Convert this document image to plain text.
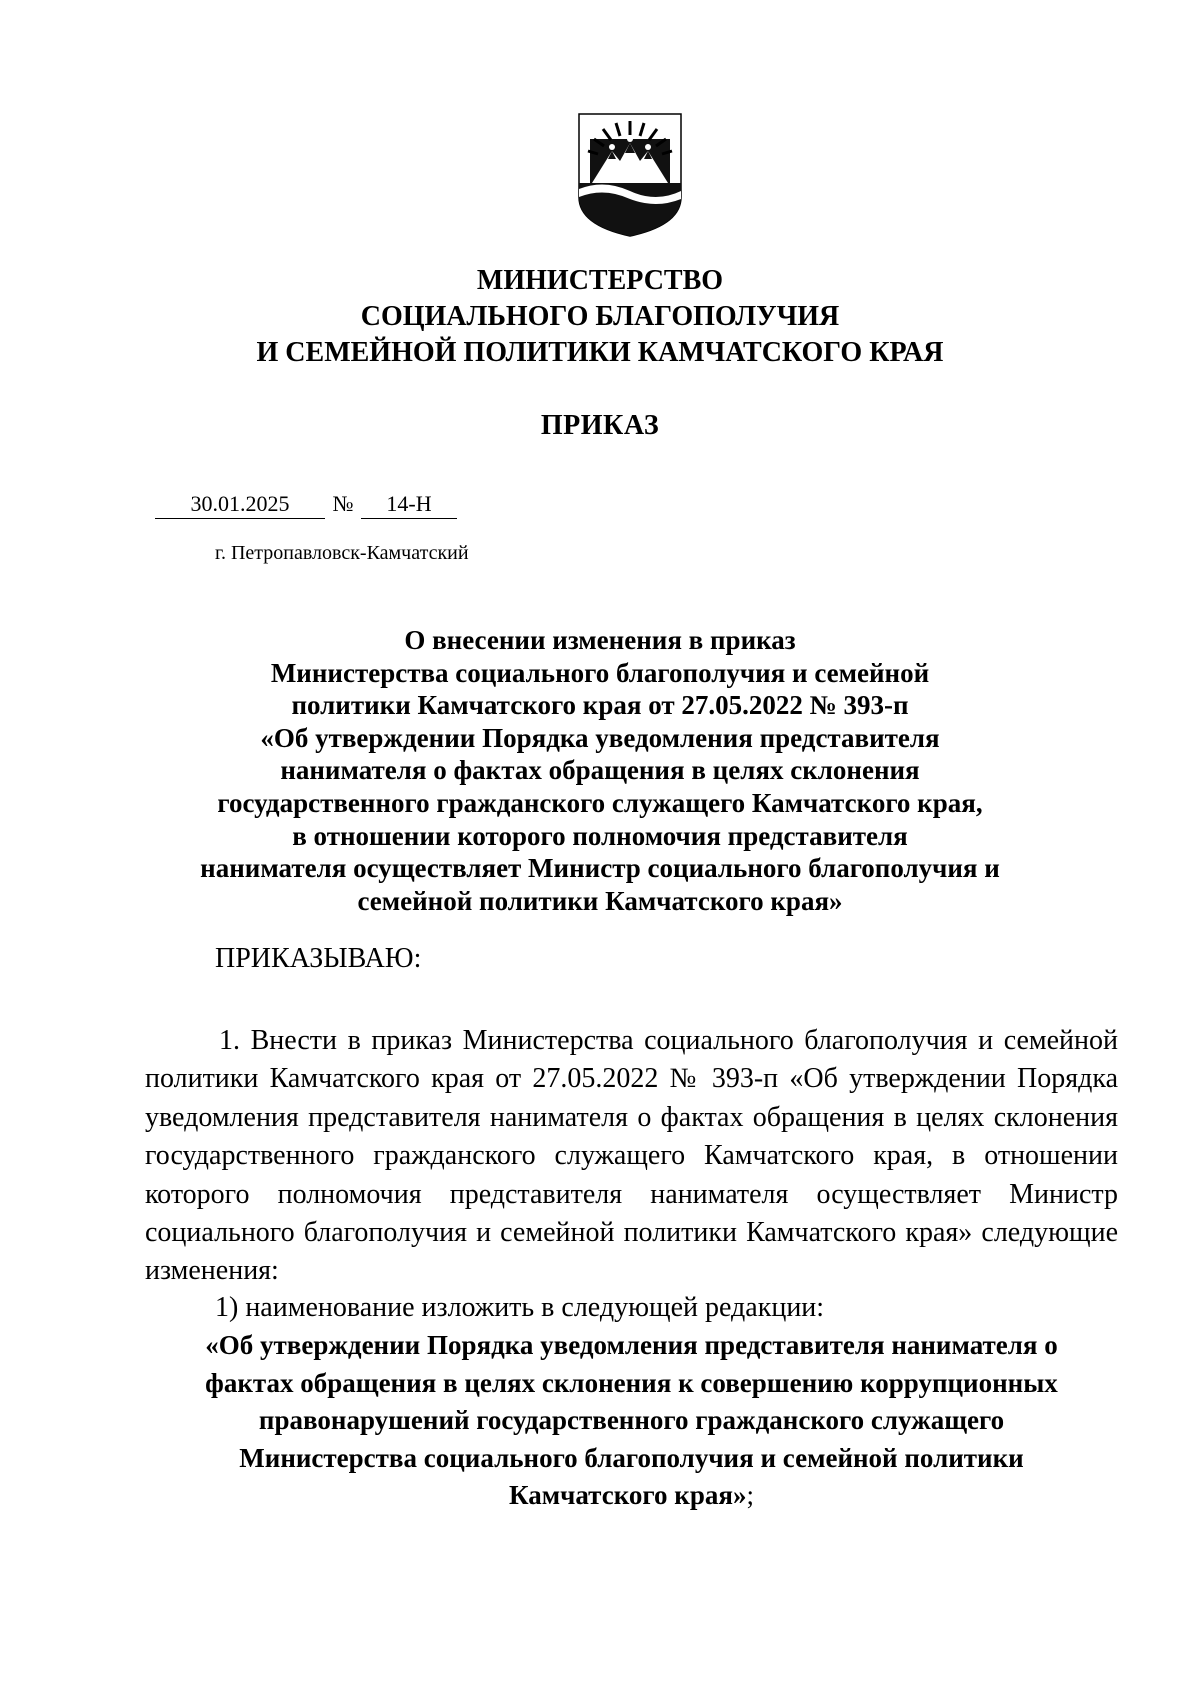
МИНИСТЕРСТВО
СОЦИАЛЬНОГО БЛАГОПОЛУЧИЯ
И СЕМЕЙНОЙ ПОЛИТИКИ КАМЧАТСКОГО КРАЯ
ПРИКАЗ
30.01.2025 № 14-Н
г. Петропавловск-Камчатский
О внесении изменения в приказ
Министерства социального благополучия и семейной
политики Камчатского края от 27.05.2022 № 393-п
«Об утверждении Порядка уведомления представителя
нанимателя о фактах обращения в целях склонения
государственного гражданского служащего Камчатского края,
в отношении которого полномочия представителя
нанимателя осуществляет Министр социального благополучия и
семейной политики Камчатского края»
ПРИКАЗЫВАЮ:

1. Внести в приказ Министерства социального благополучия и семейной политики Камчатского края от 27.05.2022 № 393-п «Об утверждении Порядка уведомления представителя нанимателя о фактах обращения в целях склонения государственного гражданского служащего Камчатского края, в отношении которого полномочия представителя нанимателя осуществляет Министр социального благополучия и семейной политики Камчатского края» следующие изменения:

1) наименование изложить в следующей редакции:
«Об утверждении Порядка уведомления представителя нанимателя о
фактах обращения в целях склонения к совершению коррупционных
правонарушений государственного гражданского служащего
Министерства социального благополучия и семейной политики
Камчатского края»;
